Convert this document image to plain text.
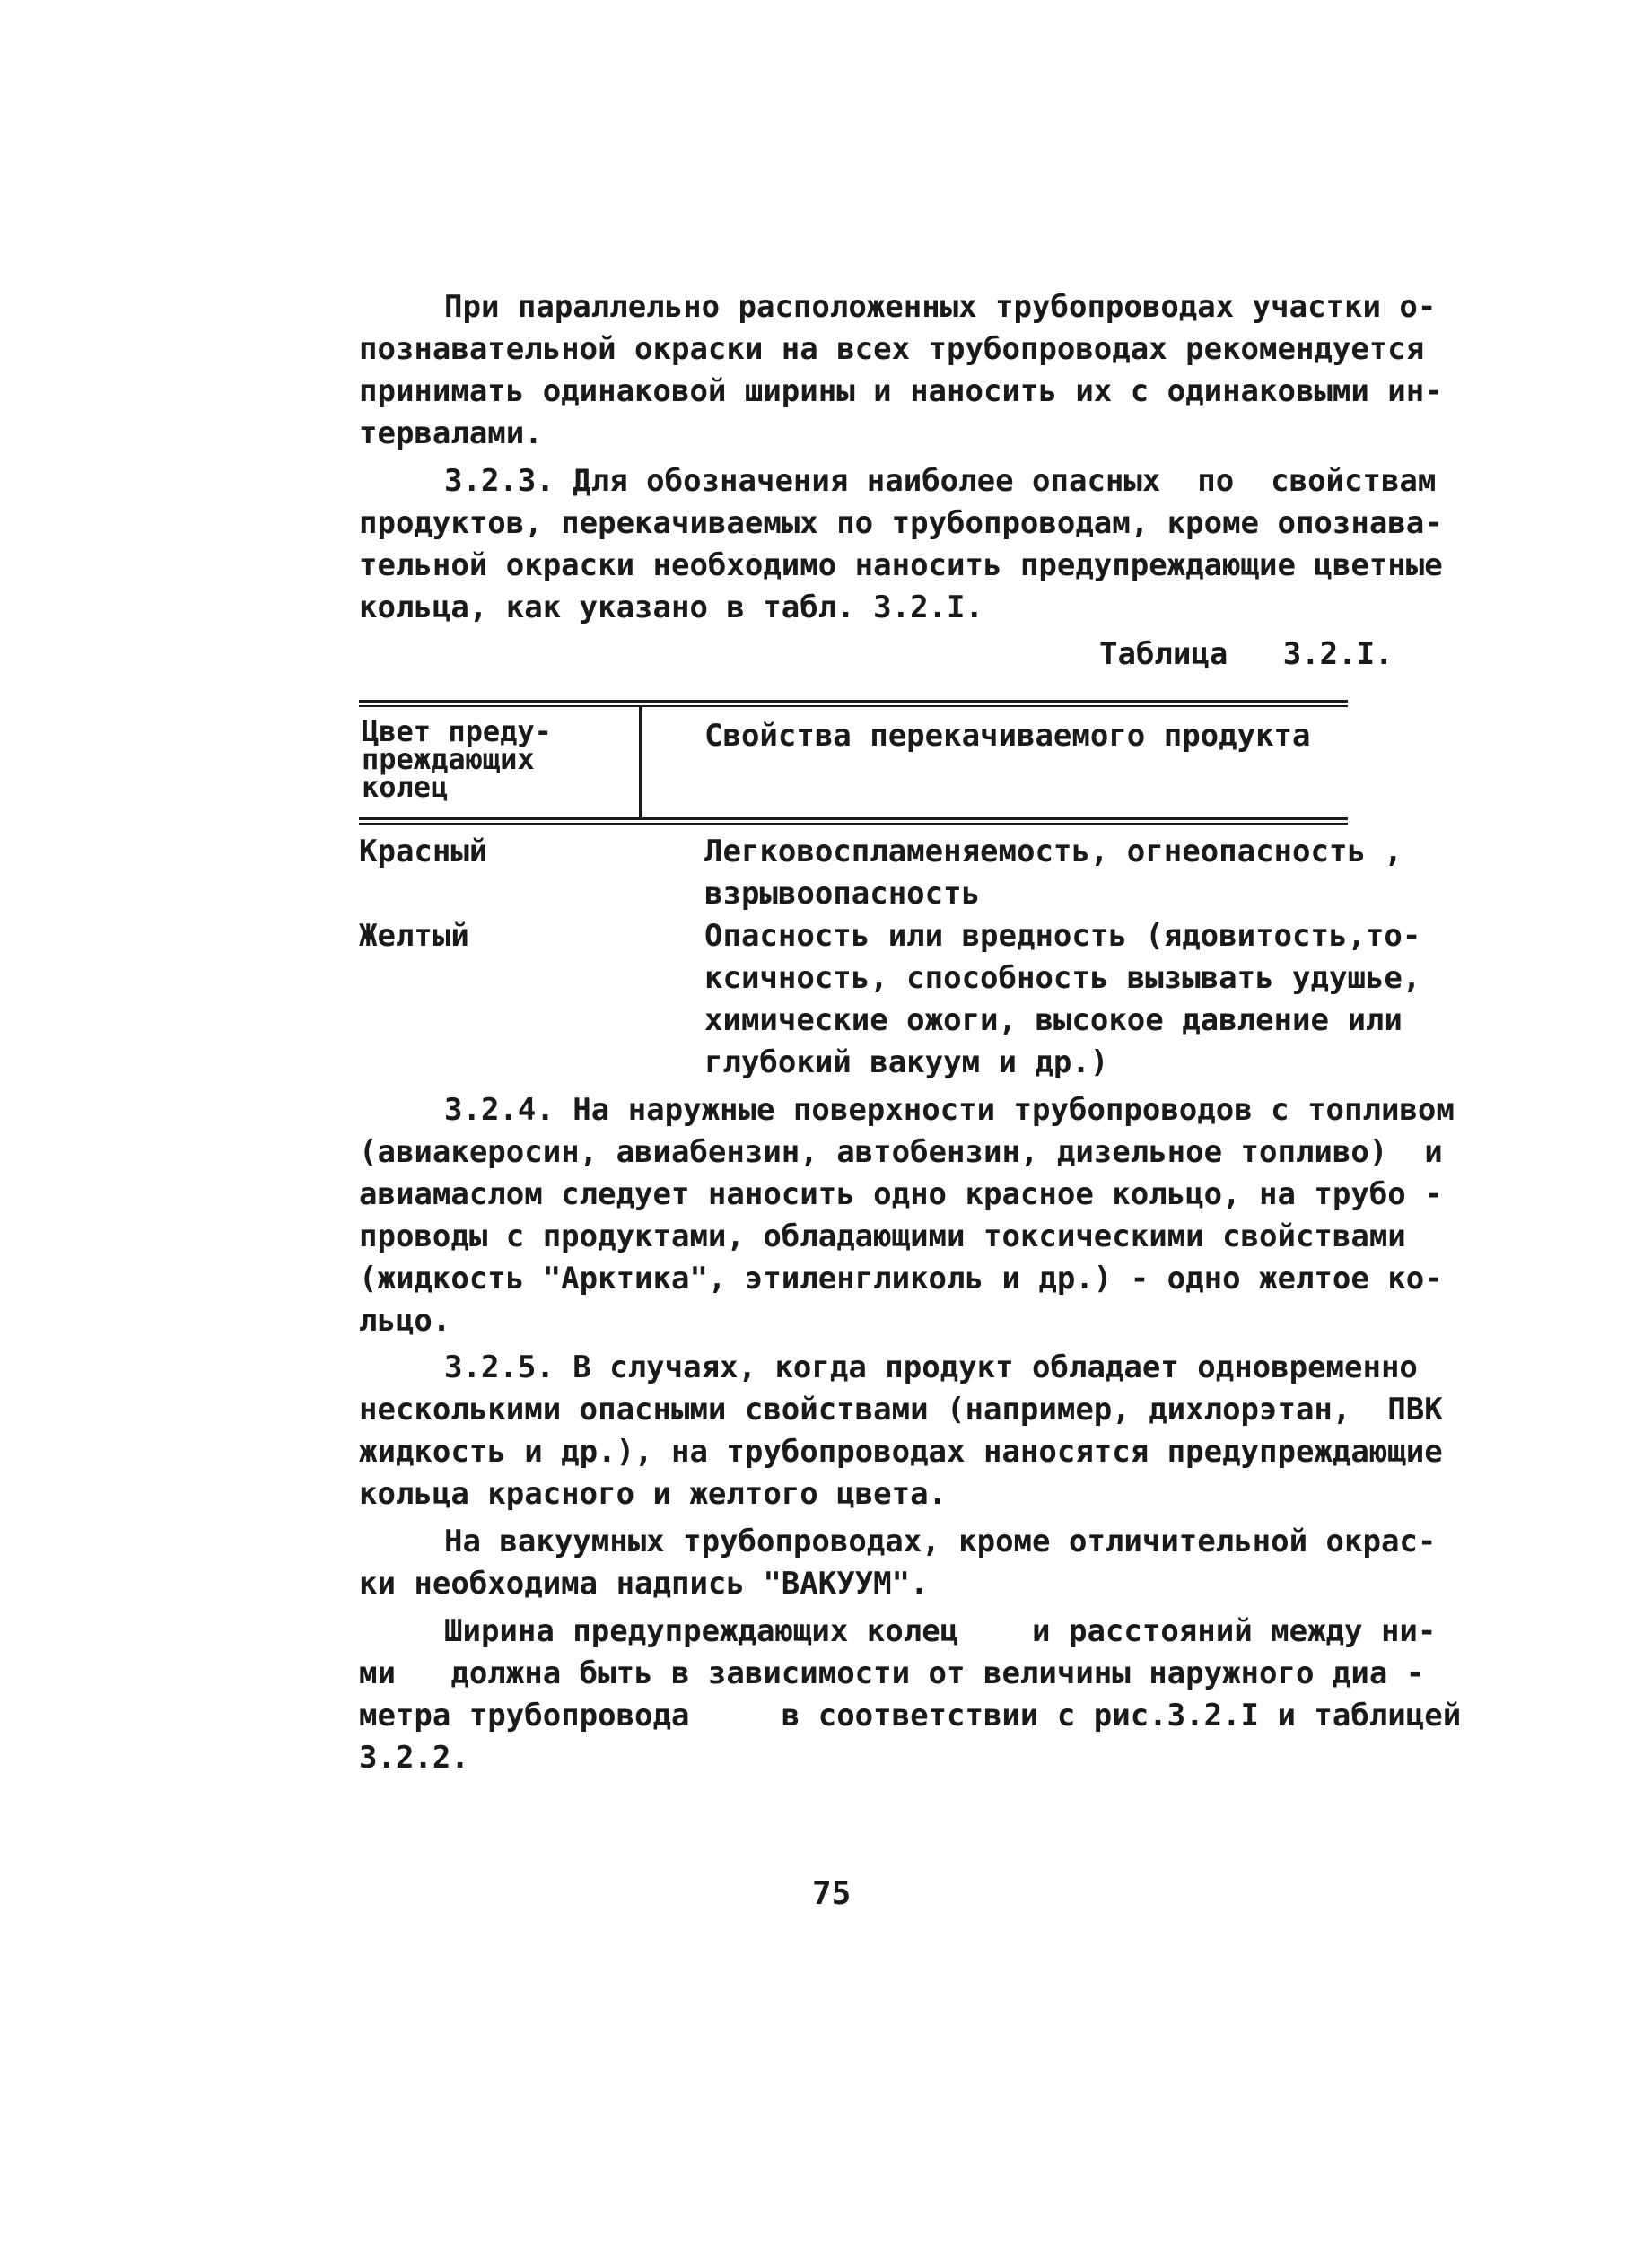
При параллельно расположенных трубопроводах участки о-
познавательной окраски на всех трубопроводах рекомендуется
принимать одинаковой ширины и наносить их с одинаковыми ин-
тервалами.
3.2.3. Для обозначения наиболее опасных  по  свойствам
продуктов, перекачиваемых по трубопроводам, кроме опознава-
тельной окраски необходимо наносить предупреждающие цветные
кольца, как указано в табл. 3.2.I.
Таблица   3.2.I.
Цвет преду-преждающих колец
Свойства перекачиваемого продукта
Красный	Легковоспламеняемость, огнеопасность ,
взрывоопасность
Желтый	Опасность или вредность (ядовитость,то-
ксичность, способность вызывать удушье,
химические ожоги, высокое давление или
глубокий вакуум и др.)
3.2.4. На наружные поверхности трубопроводов с топливом
(авиакеросин, авиабензин, автобензин, дизельное топливо)  и
авиамаслом следует наносить одно красное кольцо, на трубо -
проводы с продуктами, обладающими токсическими свойствами
(жидкость "Арктика", этиленгликоль и др.) - одно желтое ко-
льцо.
3.2.5. В случаях, когда продукт обладает одновременно
несколькими опасными свойствами (например, дихлорэтан,  ПВК
жидкость и др.), на трубопроводах наносятся предупреждающие
кольца красного и желтого цвета.
На вакуумных трубопроводах, кроме отличительной окрас-
ки необходима надпись "ВАКУУМ".
Ширина предупреждающих колец    и расстояний между ни-
ми   должна быть в зависимости от величины наружного диа -
метра трубопровода     в соответствии с рис.3.2.I и таблицей
3.2.2.
75
